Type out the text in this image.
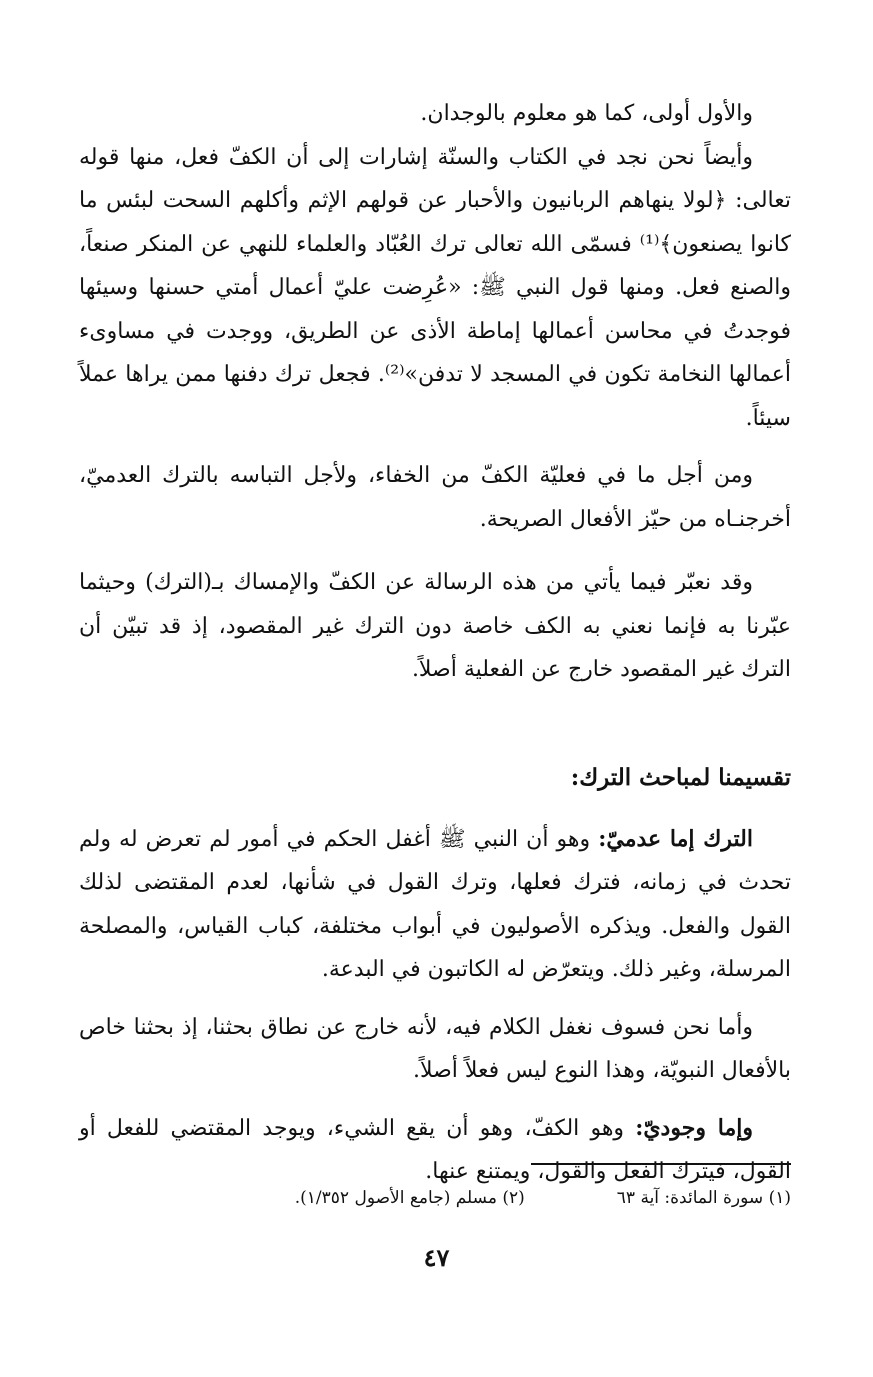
والأول أولى، كما هو معلوم بالوجدان.

وأيضاً نحن نجد في الكتاب والسنّة إشارات إلى أن الكفّ فعل، منها قوله تعالى: ﴿لولا ينهاهم الربانيون والأحبار عن قولهم الإثم وأكلهم السحت لبئس ما كانوا يصنعون﴾⁽¹⁾ فسمّى الله تعالى ترك العُبّاد والعلماء للنهي عن المنكر صنعاً، والصنع فعل. ومنها قول النبي ﷺ: «عُرِضت عليّ أعمال أمتي حسنها وسيئها فوجدتُ في محاسن أعمالها إماطة الأذى عن الطريق، ووجدت في مساوىء أعمالها النخامة تكون في المسجد لا تدفن»⁽²⁾. فجعل ترك دفنها ممن يراها عملاً سيئاً.

ومن أجل ما في فعليّة الكفّ من الخفاء، ولأجل التباسه بالترك العدميّ، أخرجنـاه من حيّز الأفعال الصريحة.

وقد نعبّر فيما يأتي من هذه الرسالة عن الكفّ والإمساك بـ(الترك) وحيثما عبّرنا به فإنما نعني به الكف خاصة دون الترك غير المقصود، إذ قد تبيّن أن الترك غير المقصود خارج عن الفعلية أصلاً.

تقسيمنا لمباحث الترك:

الترك إما عدميّ: وهو أن النبي ﷺ أغفل الحكم في أمور لم تعرض له ولم تحدث في زمانه، فترك فعلها، وترك القول في شأنها، لعدم المقتضى لذلك القول والفعل. ويذكره الأصوليون في أبواب مختلفة، كباب القياس، والمصلحة المرسلة، وغير ذلك. ويتعرّض له الكاتبون في البدعة.

وأما نحن فسوف نغفل الكلام فيه، لأنه خارج عن نطاق بحثنا، إذ بحثنا خاص بالأفعال النبويّة، وهذا النوع ليس فعلاً أصلاً.

وإما وجوديّ: وهو الكفّ، وهو أن يقع الشيء، ويوجد المقتضي للفعل أو القول، فيترك الفعل والقول، ويمتنع عنها.

(١) سورة المائدة: آية ٦٣
(٢) مسلم (جامع الأصول ١/٣٥٢).
٤٧
